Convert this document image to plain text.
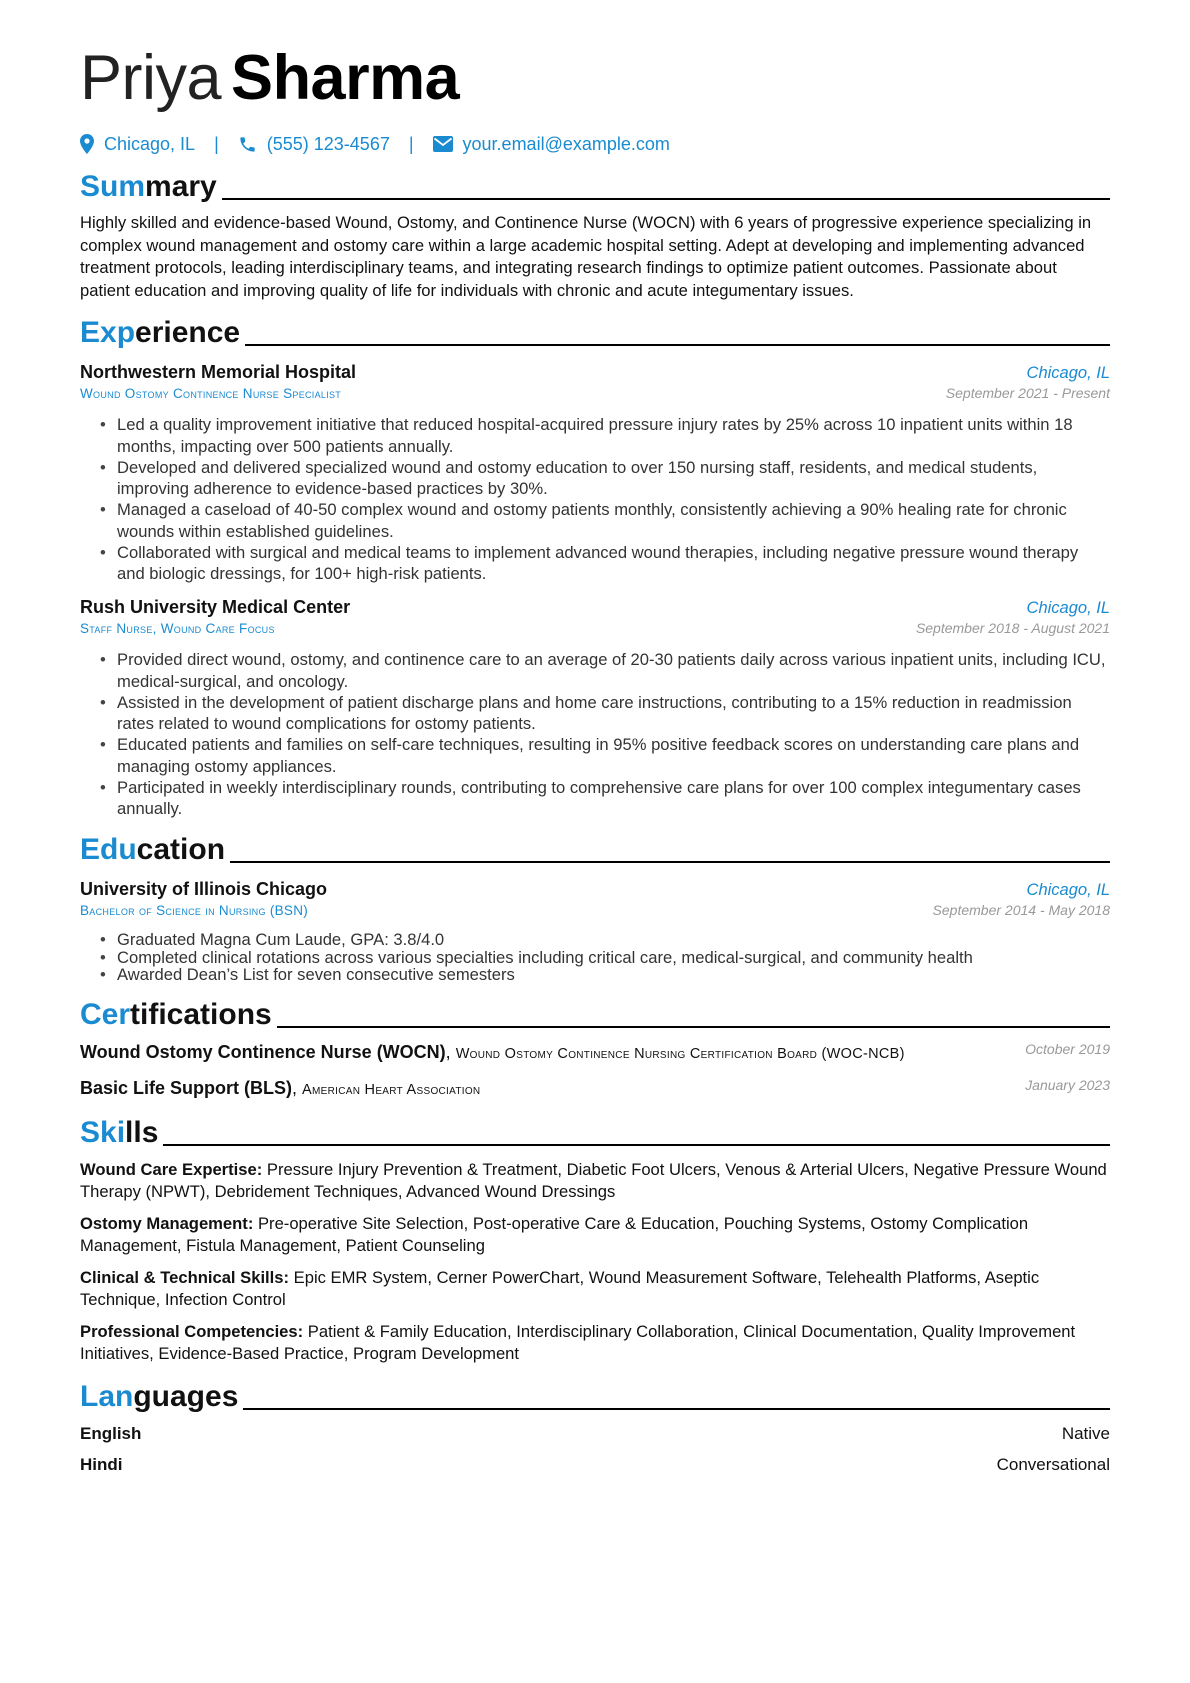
Priya Sharma
Chicago, IL |	(555) 123-4567 |	your.email@example.com
Summary

Highly skilled and evidence-based Wound, Ostomy, and Continence Nurse (WOCN) with 6 years of progressive experience specializing in complex wound management and ostomy care within a large academic hospital setting. Adept at developing and implementing advanced treatment protocols, leading interdisciplinary teams, and integrating research findings to optimize patient outcomes. Passionate about patient education and improving quality of life for individuals with chronic and acute integumentary issues.

Experience
Northwestern Memorial Hospital	Chicago, IL
Wound Ostomy Continence Nurse Specialist	September 2021 - Present
• Led a quality improvement initiative that reduced hospital-acquired pressure injury rates by 25% across 10 inpatient units within 18 months, impacting over 500 patients annually.
• Developed and delivered specialized wound and ostomy education to over 150 nursing staff, residents, and medical students, improving adherence to evidence-based practices by 30%.
• Managed a caseload of 40-50 complex wound and ostomy patients monthly, consistently achieving a 90% healing rate for chronic wounds within established guidelines.
• Collaborated with surgical and medical teams to implement advanced wound therapies, including negative pressure wound therapy and biologic dressings, for 100+ high-risk patients.
Rush University Medical Center	Chicago, IL
Staff Nurse, Wound Care Focus	September 2018 - August 2021
• Provided direct wound, ostomy, and continence care to an average of 20-30 patients daily across various inpatient units, including ICU, medical-surgical, and oncology.
• Assisted in the development of patient discharge plans and home care instructions, contributing to a 15% reduction in readmission rates related to wound complications for ostomy patients.
• Educated patients and families on self-care techniques, resulting in 95% positive feedback scores on understanding care plans and managing ostomy appliances.
• Participated in weekly interdisciplinary rounds, contributing to comprehensive care plans for over 100 complex integumentary cases annually.
Education
University of Illinois Chicago	Chicago, IL
Bachelor of Science in Nursing (BSN)	September 2014 - May 2018
• Graduated Magna Cum Laude, GPA: 3.8/4.0
• Completed clinical rotations across various specialties including critical care, medical-surgical, and community health
• Awarded Dean’s List for seven consecutive semesters
Certifications
Wound Ostomy Continence Nurse (WOCN), Wound Ostomy Continence Nursing Certification Board (WOC-NCB)	October 2019
Basic Life Support (BLS), American Heart Association	January 2023
Skills
Wound Care Expertise: Pressure Injury Prevention & Treatment, Diabetic Foot Ulcers, Venous & Arterial Ulcers, Negative Pressure Wound Therapy (NPWT), Debridement Techniques, Advanced Wound Dressings
Ostomy Management: Pre-operative Site Selection, Post-operative Care & Education, Pouching Systems, Ostomy Complication Management, Fistula Management, Patient Counseling
Clinical & Technical Skills: Epic EMR System, Cerner PowerChart, Wound Measurement Software, Telehealth Platforms, Aseptic Technique, Infection Control
Professional Competencies: Patient & Family Education, Interdisciplinary Collaboration, Clinical Documentation, Quality Improvement Initiatives, Evidence-Based Practice, Program Development
Languages
English	Native
Hindi	Conversational
